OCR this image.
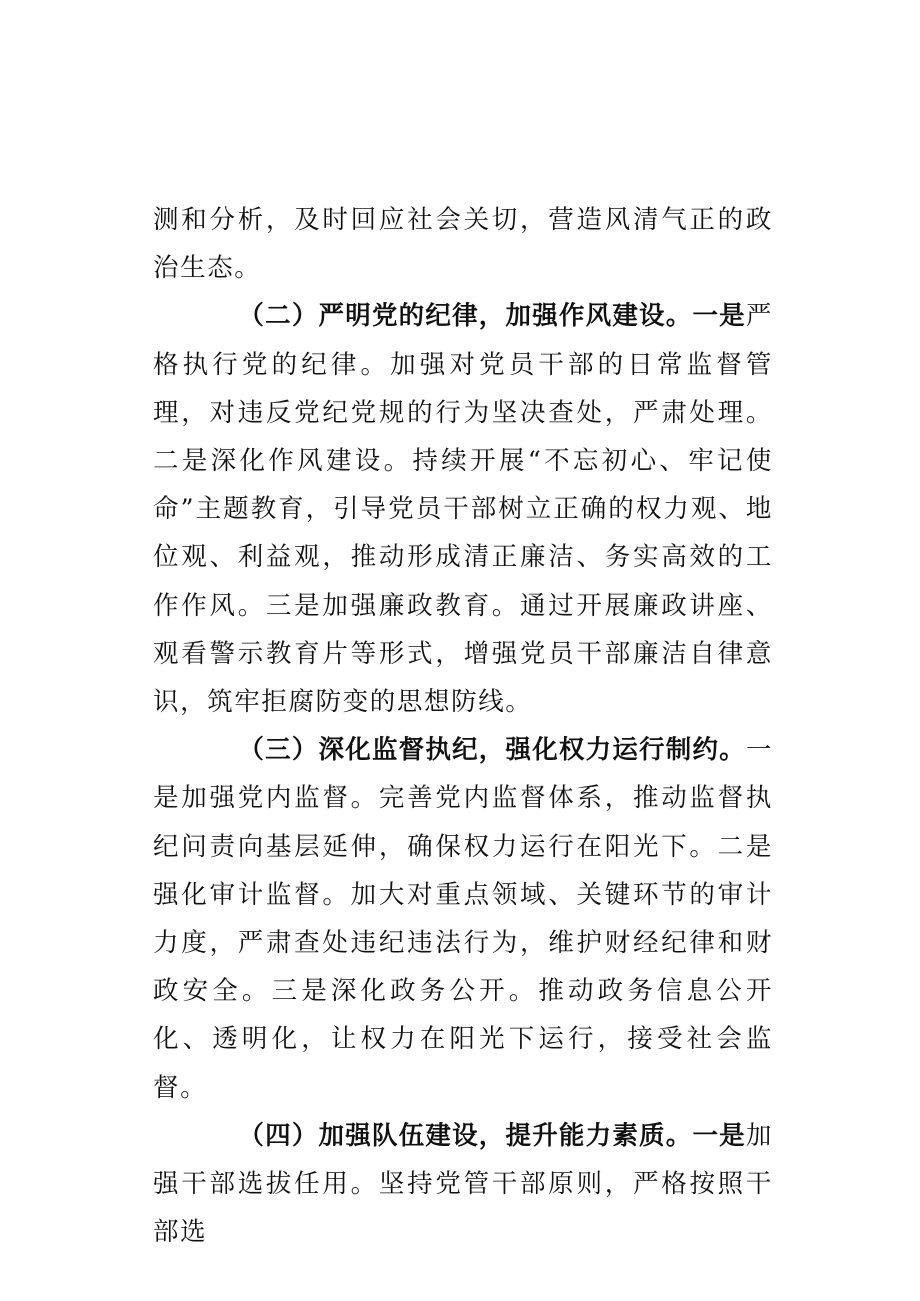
测和分析，及时回应社会关切，营造风清气正的政治生态。

（二）严明党的纪律，加强作风建设。一是严格执行党的纪律。加强对党员干部的日常监督管理，对违反党纪党规的行为坚决查处，严肃处理。二是深化作风建设。持续开展“不忘初心、牢记使命”主题教育，引导党员干部树立正确的权力观、地位观、利益观，推动形成清正廉洁、务实高效的工作作风。三是加强廉政教育。通过开展廉政讲座、观看警示教育片等形式，增强党员干部廉洁自律意识，筑牢拒腐防变的思想防线。

（三）深化监督执纪，强化权力运行制约。一是加强党内监督。完善党内监督体系，推动监督执纪问责向基层延伸，确保权力运行在阳光下。二是强化审计监督。加大对重点领域、关键环节的审计力度，严肃查处违纪违法行为，维护财经纪律和财政安全。三是深化政务公开。推动政务信息公开化、透明化，让权力在阳光下运行，接受社会监督。

（四）加强队伍建设，提升能力素质。一是加强干部选拔任用。坚持党管干部原则，严格按照干部选
